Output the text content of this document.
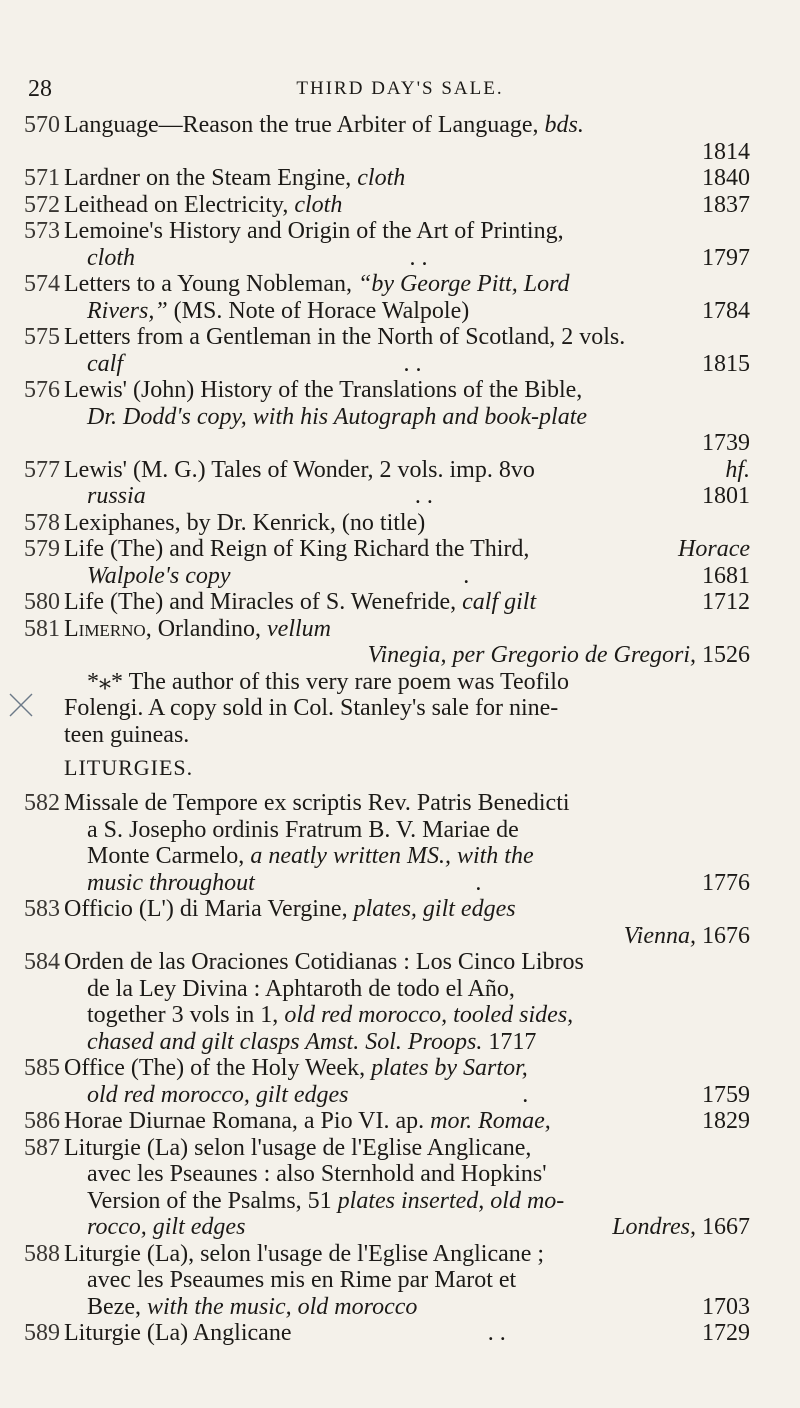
28	THIRD DAY'S SALE.
570 Language—Reason the true Arbiter of Language, bds.
1814
571 Lardner on the Steam Engine, cloth	1840
572 Leithead on Electricity, cloth	1837
573 Lemoine's History and Origin of the Art of Printing,
cloth	. .	1797
574 Letters to a Young Nobleman, “by George Pitt, Lord
Rivers,” (MS. Note of Horace Walpole)	1784
575 Letters from a Gentleman in the North of Scotland, 2 vols.
calf	. .	1815
576 Lewis' (John) History of the Translations of the Bible,
Dr. Dodd's copy, with his Autograph and book-plate
1739
577 Lewis' (M. G.) Tales of Wonder, 2 vols. imp. 8vo	hf.
russia	. .	1801
578 Lexiphanes, by Dr. Kenrick, (no title)
579 Life (The) and Reign of King Richard the Third,	Horace
Walpole's copy	.	1681
580 Life (The) and Miracles of S. Wenefride, calf gilt	1712
581 Limerno, Orlandino, vellum
Vinegia, per Gregorio de Gregori, 1526
*⁎* The author of this very rare poem was Teofilo
Folengi. A copy sold in Col. Stanley's sale for nine-
teen guineas.
LITURGIES.
582 Missale de Tempore ex scriptis Rev. Patris Benedicti
a S. Josepho ordinis Fratrum B. V. Mariae de
Monte Carmelo, a neatly written MS., with the
music throughout	.	1776
583 Officio (L') di Maria Vergine, plates, gilt edges
Vienna, 1676
584 Orden de las Oraciones Cotidianas : Los Cinco Libros
de la Ley Divina : Aphtaroth de todo el Año,
together 3 vols in 1, old red morocco, tooled sides,
chased and gilt clasps Amst. Sol. Proops. 1717
585 Office (The) of the Holy Week, plates by Sartor,
old red morocco, gilt edges	.	1759
586 Horae Diurnae Romana, a Pio VI. ap. mor. Romae,	1829
587 Liturgie (La) selon l'usage de l'Eglise Anglicane,
avec les Pseaunes : also Sternhold and Hopkins'
Version of the Psalms, 51 plates inserted, old mo-
rocco, gilt edges	Londres, 1667
588 Liturgie (La), selon l'usage de l'Eglise Anglicane ;
avec les Pseaumes mis en Rime par Marot et
Beze, with the music, old morocco	1703
589 Liturgie (La) Anglicane	. .	1729
